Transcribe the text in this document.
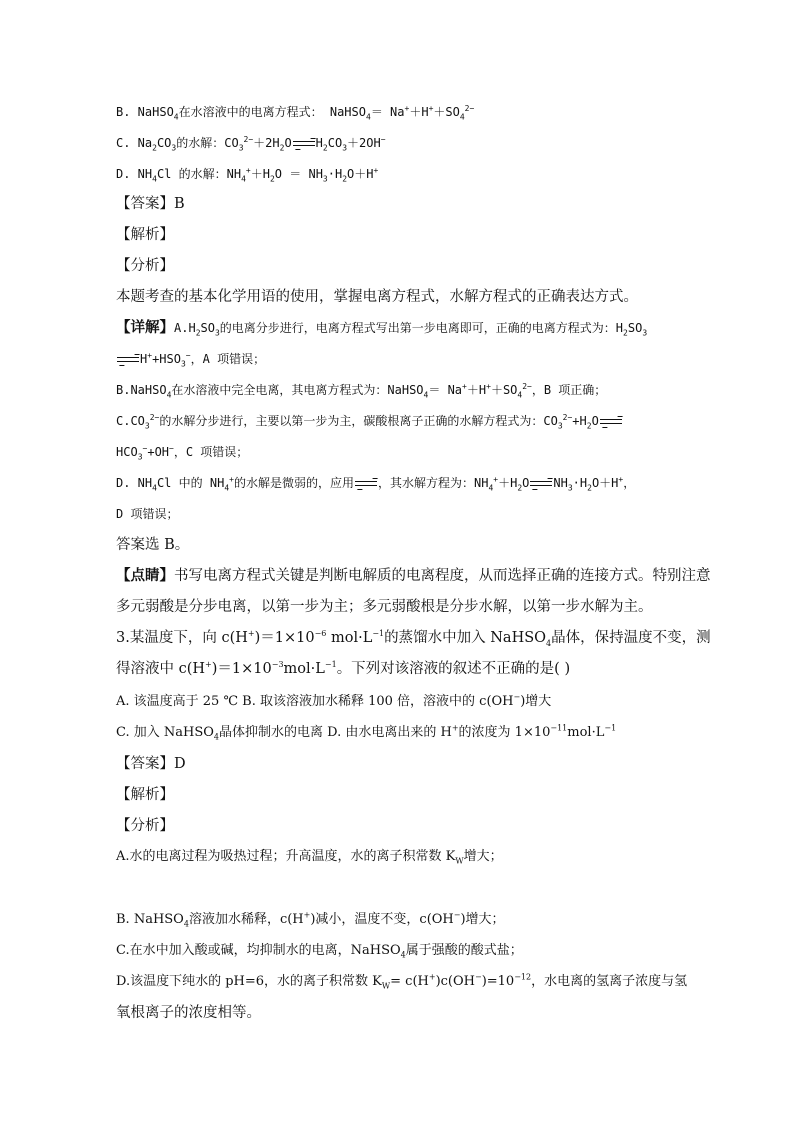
B. NaHSO$_4$在水溶液中的电离方程式： NaHSO$_4$＝ $Na^++H^++SO_4^{2-}$
C. $Na_2CO_3$的水解：$CO_3^{2-}+2H_2O$ $H_2CO_3+2OH^-$
D. $NH_4Cl$ 的水解：$NH_4^++H_2O = NH_3\cdot H_2O+H^+$
【答案】B
【解析】
【分析】
本题考查的基本化学用语的使用，掌握电离方程式，水解方程式的正确表达方式。
【详解】$A.H_2SO_3$的电离分步进行，电离方程式写出第一步电离即可，正确的电离方程式为：$H_2SO_3$
$H^++HSO_3^-$，A 项错误；
B.NaHSO$_4$在水溶液中完全电离，其电离方程式为：NaHSO$_4$＝ $Na^++H^++SO_4^{2-}$，B 项正确；
$C.CO_3^{2-}$的水解分步进行，主要以第一步为主，碳酸根离子正确的水解方程式为：$CO_3^{2-}+H_2O$
$HCO_3^-+OH^-$，C 项错误；
D. $NH_4Cl$ 中的 $NH_4^+$的水解是微弱的，应用 ，其水解方程为：$NH_4^++H_2O$ $NH_3\cdot H_2O+H^+$，
D 项错误；
答案选 B。
【点睛】书写电离方程式关键是判断电解质的电离程度，从而选择正确的连接方式。特别注意
多元弱酸是分步电离，以第一步为主；多元弱酸根是分步水解，以第一步水解为主。
3.某温度下，向 $c(H^+)=1\times 10^{-6}$ $mol\cdot L^{-1}$的蒸馏水中加入 NaHSO$_4$晶体，保持温度不变，测
得溶液中 $c(H^+)=1\times 10^{-3}mol\cdot L^{-1}$。下列对该溶液的叙述不正确的是( )
A. 该温度高于 25 ℃ B. 取该溶液加水稀释 100 倍，溶液中的 c(OH−)增大
C. 加入 NaHSO$_4$晶体抑制水的电离 D. 由水电离出来的 H+的浓度为 $1\times 10^{-11}mol\cdot L^{-1}$
【答案】D
【解析】
【分析】
A.水的电离过程为吸热过程；升高温度，水的离子积常数 $K_W$增大；
B. NaHSO$_4$溶液加水稀释，c(H+)减小，温度不变，c(OH−)增大；
C.在水中加入酸或碱，均抑制水的电离，NaHSO$_4$属于强酸的酸式盐；
D.该温度下纯水的 pH=6，水的离子积常数 $K_W= c(H^+)c(OH^-)=10^{-12}$，水电离的氢离子浓度与氢
氧根离子的浓度相等。
